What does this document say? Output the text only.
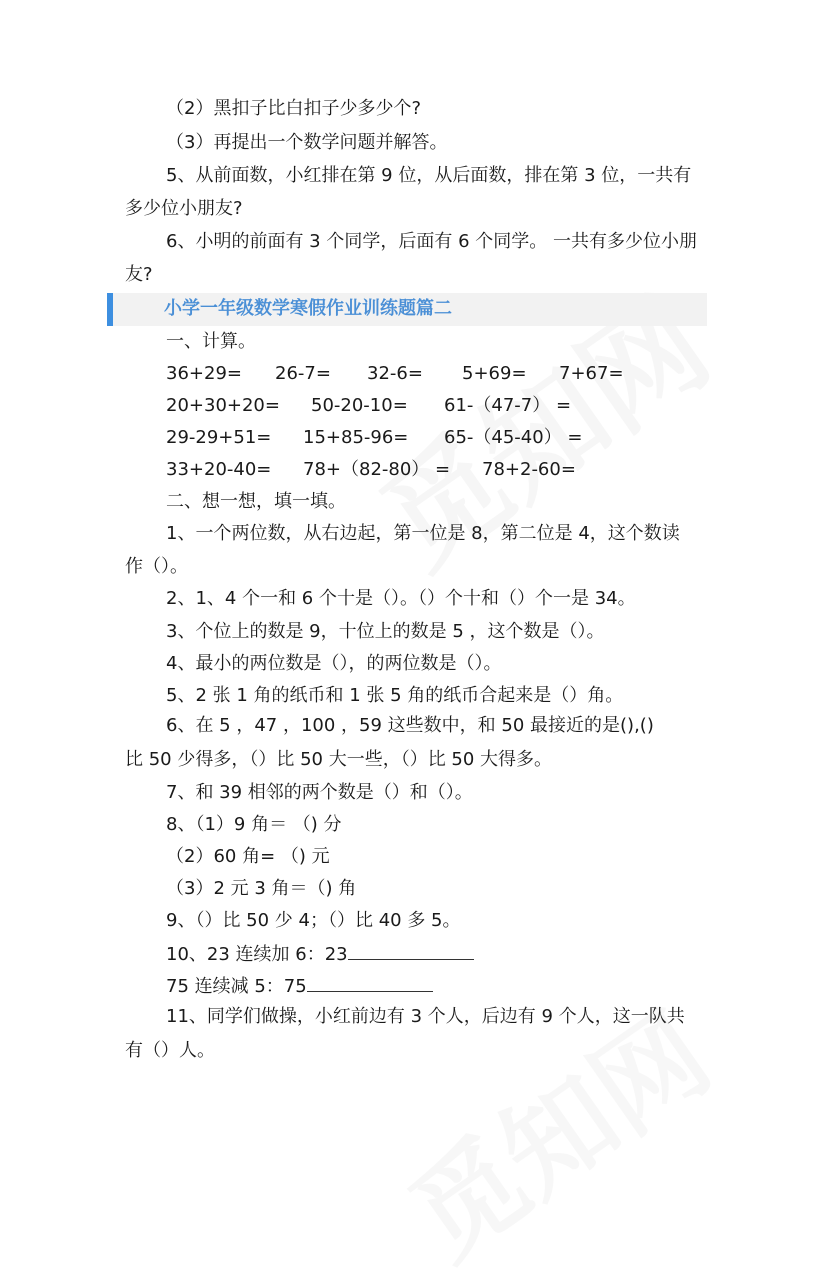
（2）黑扣子比白扣子少多少个?
（3）再提出一个数学问题并解答。
5、从前面数，小红排在第 9 位，从后面数，排在第 3 位，一共有
多少位小朋友?
6、小明的前面有 3 个同学，后面有 6 个同学。 一共有多少位小朋
友?
小学一年级数学寒假作业训练题篇二
一、计算。
36+29= 26-7= 32-6= 5+69= 7+67=
20+30+20= 50-20-10= 61-（47-7） =
29-29+51= 15+85-96= 65-（45-40） =
33+20-40= 78+（82-80） = 78+2-60=
二、想一想，填一填。
1、一个两位数，从右边起，第一位是 8，第二位是 4，这个数读
作（）。
2、1、4 个一和 6 个十是（）。（）个十和（）个一是 34。
3、个位上的数是 9，十位上的数是 5 ，这个数是（）。
4、最小的两位数是（），的两位数是（）。
5、2 张 1 角的纸币和 1 张 5 角的纸币合起来是（）角。
6、在 5 ，47 ，100 ，59 这些数中，和 50 最接近的是(),()
比 50 少得多，（）比 50 大一些，（）比 50 大得多。
7、和 39 相邻的两个数是（）和（）。
8、（1）9 角＝ （) 分
（2）60 角= （) 元
（3）2 元 3 角＝（) 角
9、（）比 50 少 4；（）比 40 多 5。
10、23 连续加 6：23
75 连续减 5：75
11、同学们做操，小红前边有 3 个人，后边有 9 个人，这一队共
有（）人。
